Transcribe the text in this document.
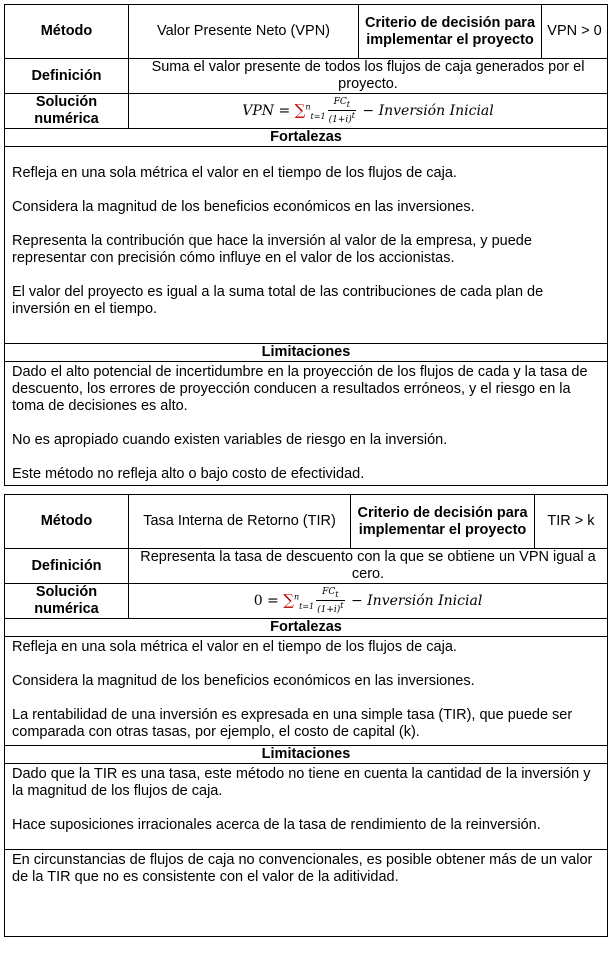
Método	Valor Presente Neto (VPN)	Criterio de decisión para implementar el proyecto	VPN > 0
Definición	Suma el valor presente de todos los flujos de caja generados por el proyecto.		
Solución numérica	VPN = $\sum^n_{t=1} \frac{FC_t}{(1+i)^t}$ − Inversión Inicial		
Fortalezas			

Refleja en una sola métrica el valor en el tiempo de los flujos de caja.

Considera la magnitud de los beneficios económicos en las inversiones.

Representa la contribución que hace la inversión al valor de la empresa, y puede representar con precisión cómo influye en el valor de los accionistas.

El valor del proyecto es igual a la suma total de las contribuciones de cada plan de inversión en el tiempo.			

Limitaciones			

Dado el alto potencial de incertidumbre en la proyección de los flujos de cada y la tasa de descuento, los errores de proyección conducen a resultados erróneos, y el riesgo en la toma de decisiones es alto.

No es apropiado cuando existen variables de riesgo en la inversión.

Este método no refleja alto o bajo costo de efectividad.			

Método	Tasa Interna de Retorno (TIR)	Criterio de decisión para implementar el proyecto	TIR > k
Definición	Representa la tasa de descuento con la que se obtiene un VPN igual a cero.		
Solución numérica	$0 = \sum^n_{t=1} \frac{FC_t}{(1+i)^t}$ − Inversión Inicial		
Fortalezas			

Refleja en una sola métrica el valor en el tiempo de los flujos de caja.

Considera la magnitud de los beneficios económicos en las inversiones.

La rentabilidad de una inversión es expresada en una simple tasa (TIR), que puede ser comparada con otras tasas, por ejemplo, el costo de capital (k).			

Limitaciones			

Dado que la TIR es una tasa, este método no tiene en cuenta la cantidad de la inversión y la magnitud de los flujos de caja.

Hace suposiciones irracionales acerca de la tasa de rendimiento de la reinversión.			

En circunstancias de flujos de caja no convencionales, es posible obtener más de un valor de la TIR que no es consistente con el valor de la aditividad.			
